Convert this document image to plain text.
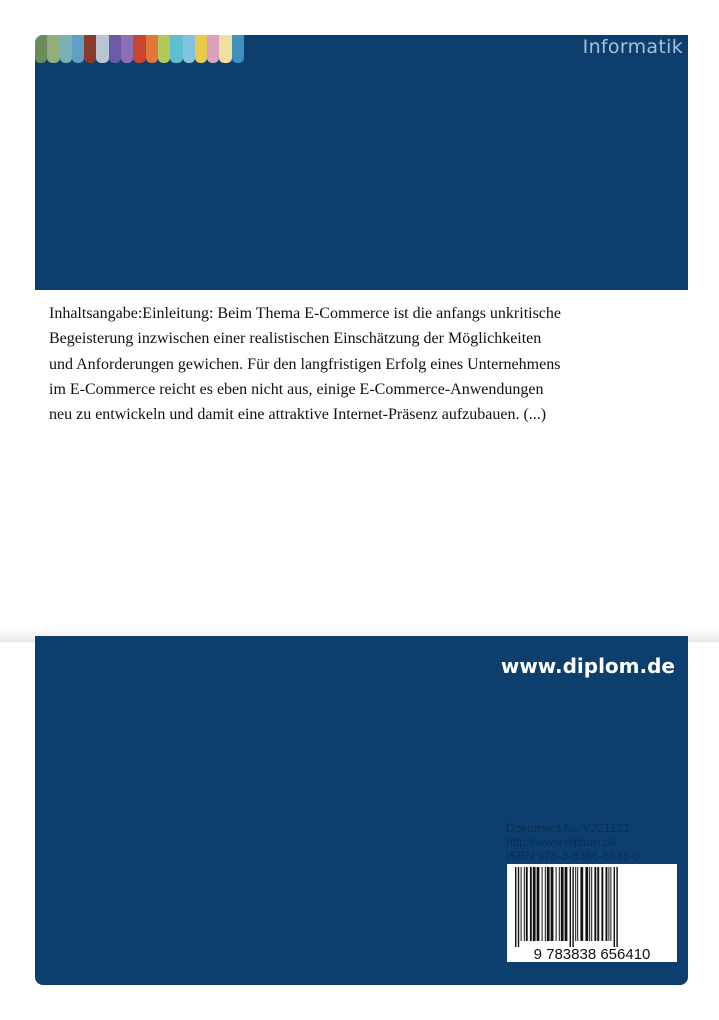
Informatik
Inhaltsangabe:Einleitung: Beim Thema E-Commerce ist die anfangs unkritische
Begeisterung inzwischen einer realistischen Einschätzung der Möglichkeiten
und Anforderungen gewichen. Für den langfristigen Erfolg eines Unternehmens
im E-Commerce reicht es eben nicht aus, einige E-Commerce-Anwendungen
neu zu entwickeln und damit eine attraktive Internet-Präsenz aufzubauen. (...)
www.diplom.de
Dokument Nr. V221121
http://www.diplom.de
ISBN 978-3-8386-5641-0
9 783838 656410
